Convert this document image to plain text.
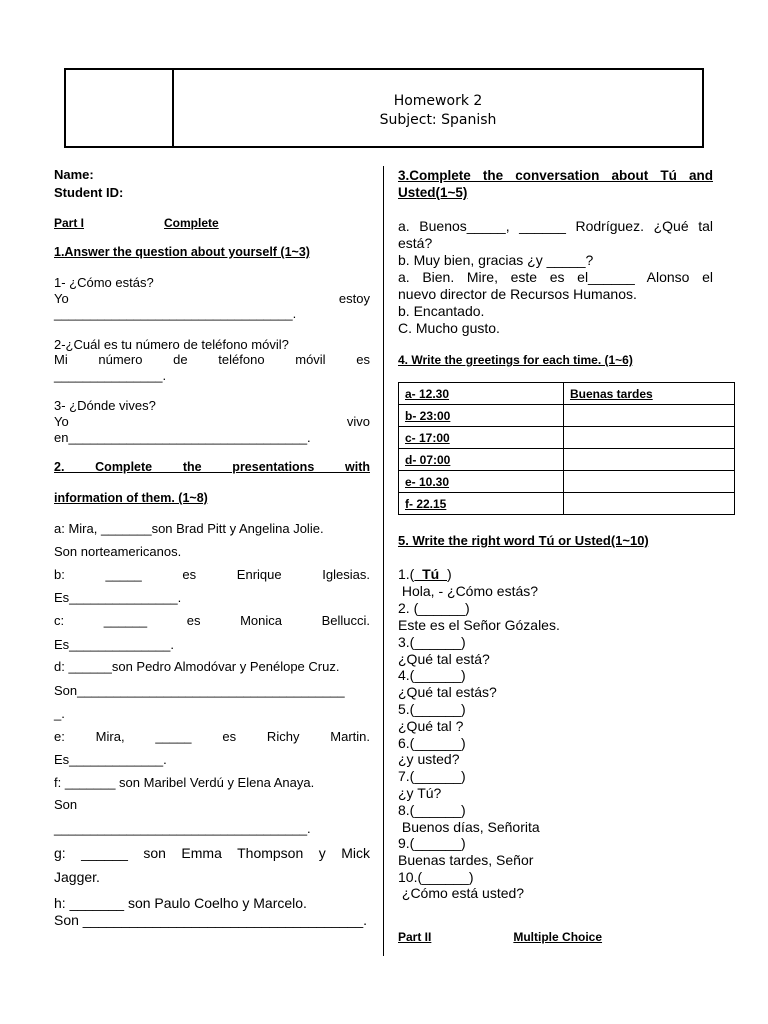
Homework 2
Subject: Spanish
Name:
Student ID:
Part I	Complete
1.Answer the question about yourself (1~3)
1- ¿Cómo estás?
Yo	estoy
_________________________________.
2-¿Cuál es tu número de teléfono móvil?
Mi número de teléfono móvil es
_______________.
3- ¿Dónde vives?
Yo	vivo
en_________________________________.
2. Complete the presentations with
information of them. (1~8)
a: Mira, _______son Brad Pitt y Angelina Jolie.
Son norteamericanos.
b: _____ es Enrique Iglesias.
Es_______________.
c: ______ es Monica Bellucci.
Es______________.
d: ______son Pedro Almodóvar y Penélope Cruz.
Son_____________________________________
_.
e: Mira, _____ es Richy Martin.
Es_____________.
f: _______ son Maribel Verdú y Elena Anaya.
Son
___________________________________.
g: ______ son Emma Thompson y Mick
Jagger.
h: _______ son Paulo Coelho y Marcelo.
Son ____________________________________.
3.Complete the conversation about Tú and
Usted(1~5)
a. Buenos_____, ______ Rodríguez. ¿Qué tal
está?
b. Muy bien, gracias ¿y _____?
a. Bien. Mire, este es el______ Alonso el
nuevo director de Recursos Humanos.
b. Encantado.
C. Mucho gusto.
4. Write the greetings for each time. (1~6)
a- 12.30	Buenas tardes
b- 23:00	
c- 17:00	
d- 07:00	
e- 10.30	
f- 22.15	
5. Write the right word Tú or Usted(1~10)
1.(  Tú  )
Hola, - ¿Cómo estás?
2. (______)
Este es el Señor Gózales.
3.(______)
¿Qué tal está?
4.(______)
¿Qué tal estás?
5.(______)
¿Qué tal ?
6.(______)
¿y usted?
7.(______)
¿y Tú?
8.(______)
Buenos días, Señorita
9.(______)
Buenas tardes, Señor
10.(______)
¿Cómo está usted?
Part II	Multiple Choice
